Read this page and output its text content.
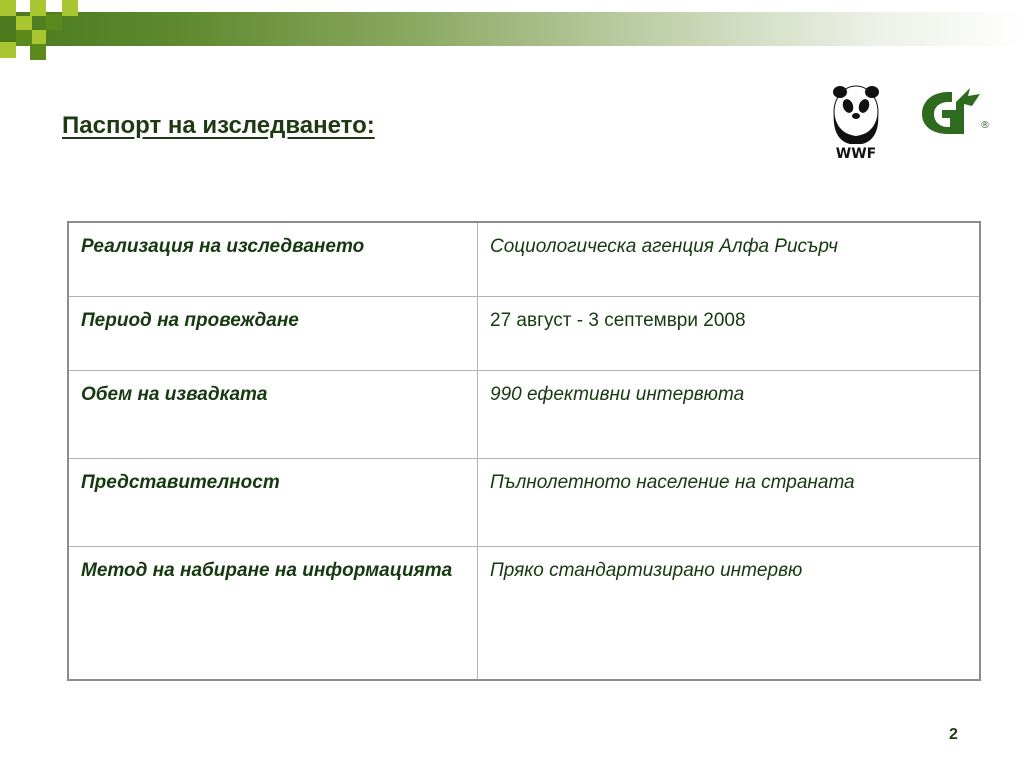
Паспорт на изследването:
WWF
®
Gr
Реализация на изследването	Социологическа агенция Алфа Рисърч
Период на провеждане	27 август - 3 септември 2008
Обем на извадката	990 ефективни интервюта
Представителност	Пълнолетното население на страната
Метод на набиране на информацията	Пряко стандартизирано интервю
2
